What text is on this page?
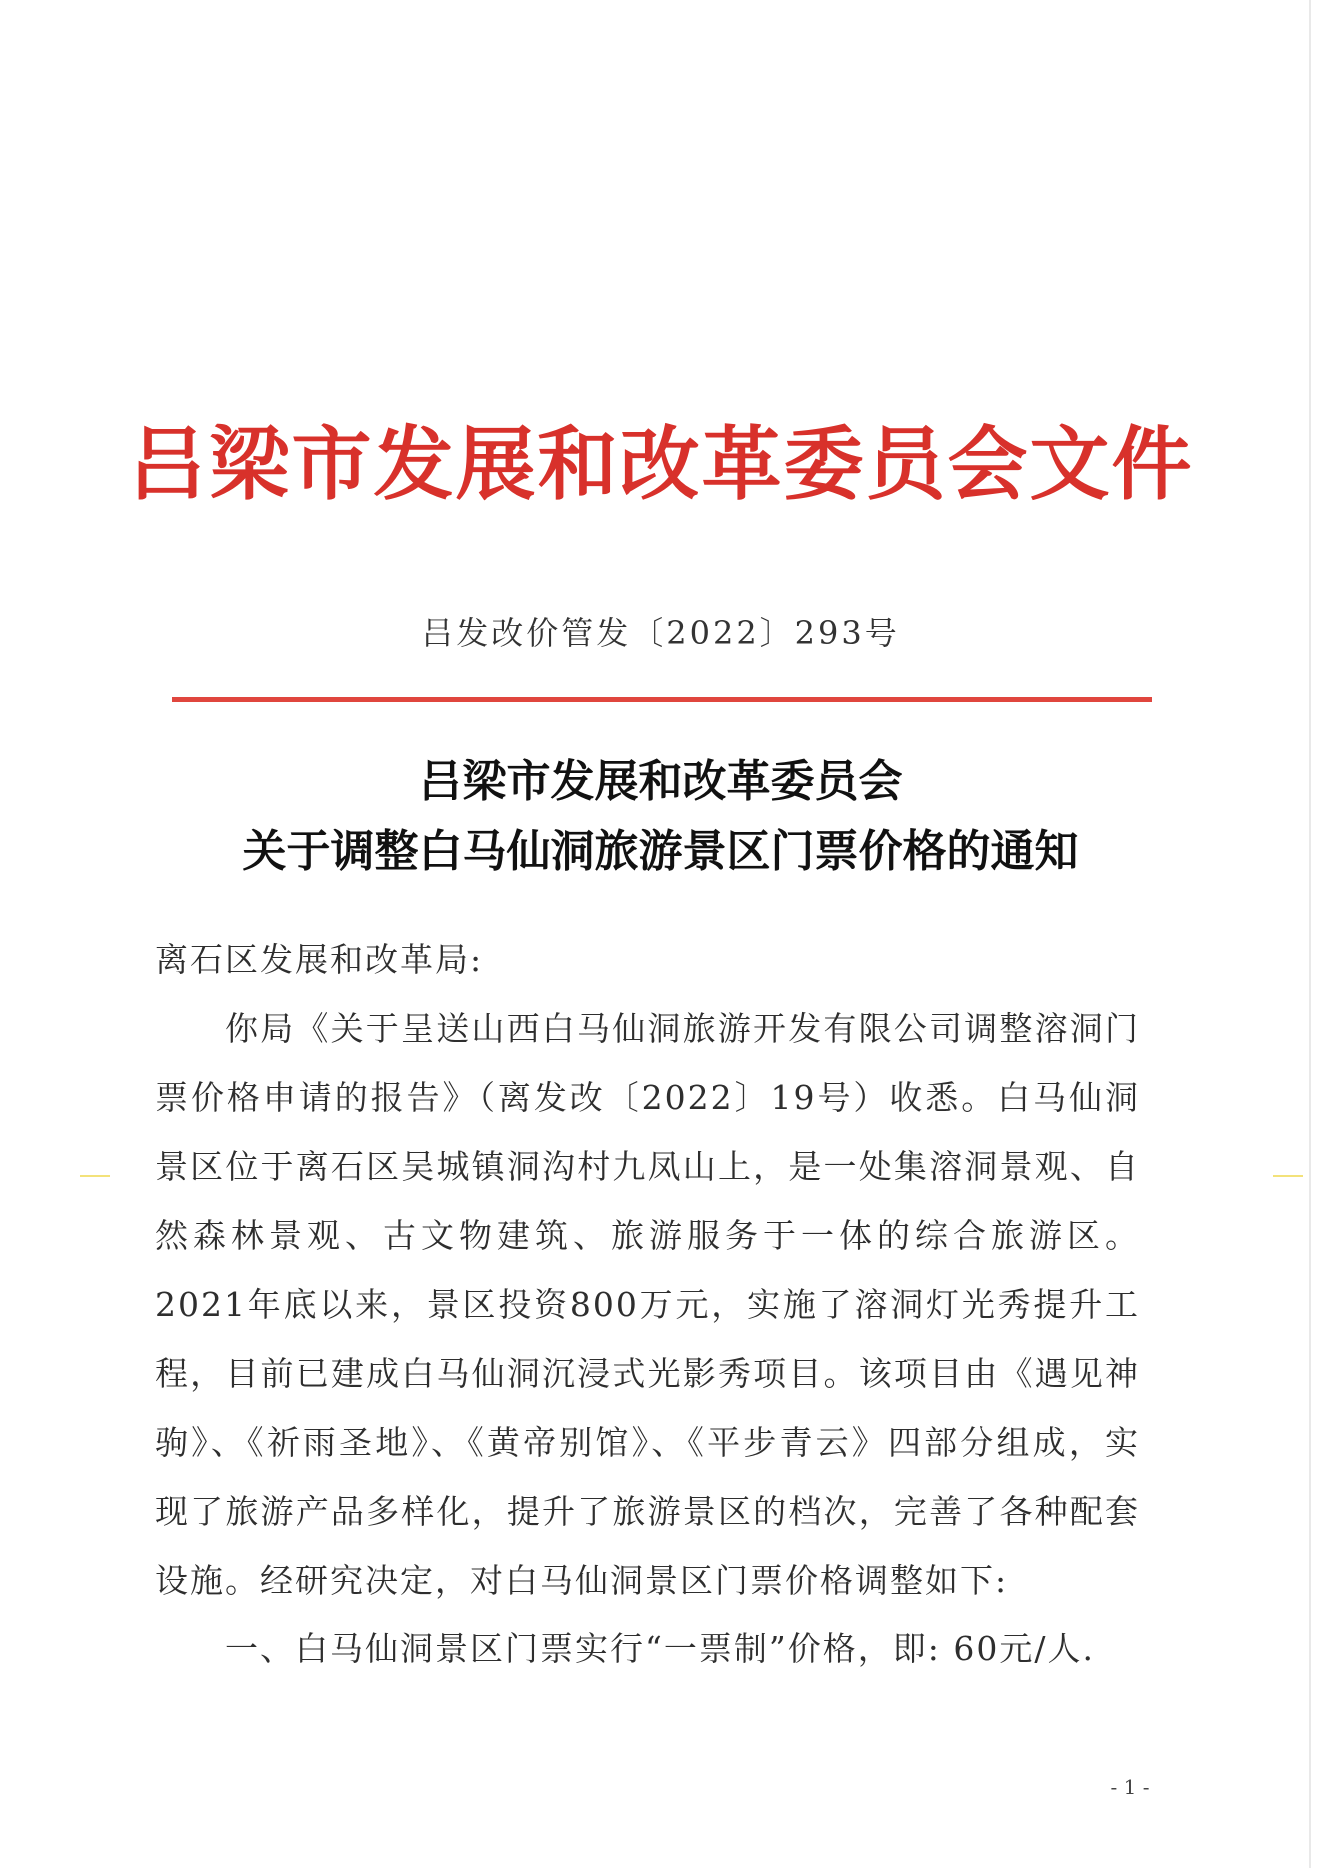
吕梁市发展和改革委员会文件
吕发改价管发〔2022〕293号
吕梁市发展和改革委员会
关于调整白马仙洞旅游景区门票价格的通知
离石区发展和改革局:
你局《关于呈送山西白马仙洞旅游开发有限公司调整溶洞门票价格申请的报告》（离发改〔2022〕19号）收悉。白马仙洞景区位于离石区吴城镇洞沟村九凤山上，是一处集溶洞景观、自然森林景观、古文物建筑、旅游服务于一体的综合旅游区。2021年底以来，景区投资800万元，实施了溶洞灯光秀提升工程，目前已建成白马仙洞沉浸式光影秀项目。该项目由《遇见神驹》、《祈雨圣地》、《黄帝别馆》、《平步青云》四部分组成，实现了旅游产品多样化，提升了旅游景区的档次，完善了各种配套设施。经研究决定，对白马仙洞景区门票价格调整如下:
一、白马仙洞景区门票实行“一票制”价格，即: 60元/人.
- 1 -
